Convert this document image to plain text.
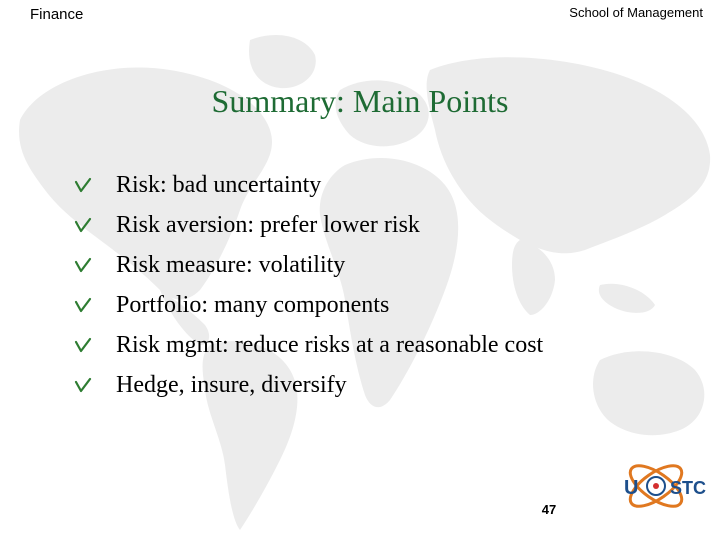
Finance	School of Management
Summary: Main Points
Risk: bad uncertainty
Risk aversion: prefer lower risk
Risk measure: volatility
Portfolio: many components
Risk mgmt: reduce risks at a reasonable cost
Hedge, insure, diversify
47
U STC
